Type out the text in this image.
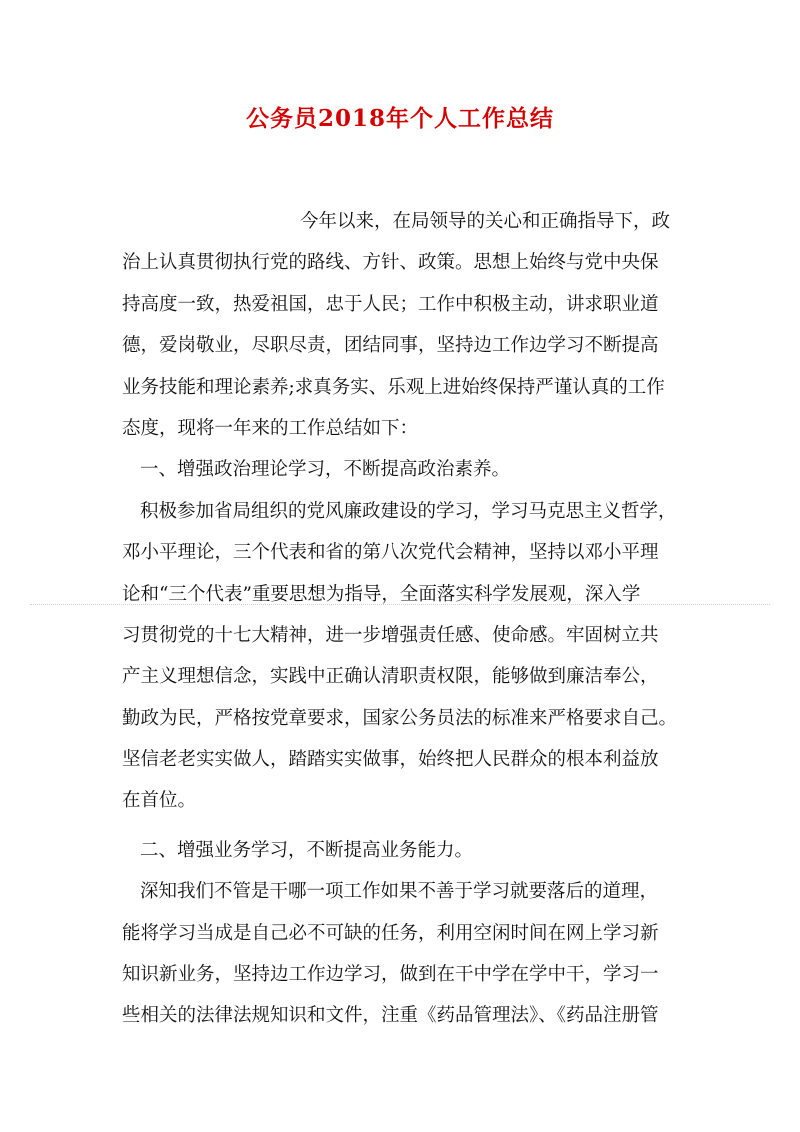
公务员2018年个人工作总结
今年以来，在局领导的关心和正确指导下，政
治上认真贯彻执行党的路线、方针、政策。思想上始终与党中央保
持高度一致，热爱祖国，忠于人民；工作中积极主动，讲求职业道
德，爱岗敬业，尽职尽责，团结同事，坚持边工作边学习不断提高
业务技能和理论素养;求真务实、乐观上进始终保持严谨认真的工作
态度，现将一年来的工作总结如下：
一、增强政治理论学习，不断提高政治素养。
积极参加省局组织的党风廉政建设的学习，学习马克思主义哲学，
邓小平理论，三个代表和省的第八次党代会精神，坚持以邓小平理
论和“三个代表”重要思想为指导，全面落实科学发展观，深入学
习贯彻党的十七大精神，进一步增强责任感、使命感。牢固树立共
产主义理想信念，实践中正确认清职责权限，能够做到廉洁奉公，
勤政为民，严格按党章要求，国家公务员法的标准来严格要求自己。
坚信老老实实做人，踏踏实实做事，始终把人民群众的根本利益放
在首位。
二、增强业务学习，不断提高业务能力。
深知我们不管是干哪一项工作如果不善于学习就要落后的道理，
能将学习当成是自己必不可缺的任务，利用空闲时间在网上学习新
知识新业务，坚持边工作边学习，做到在干中学在学中干，学习一
些相关的法律法规知识和文件，注重《药品管理法》、《药品注册管
